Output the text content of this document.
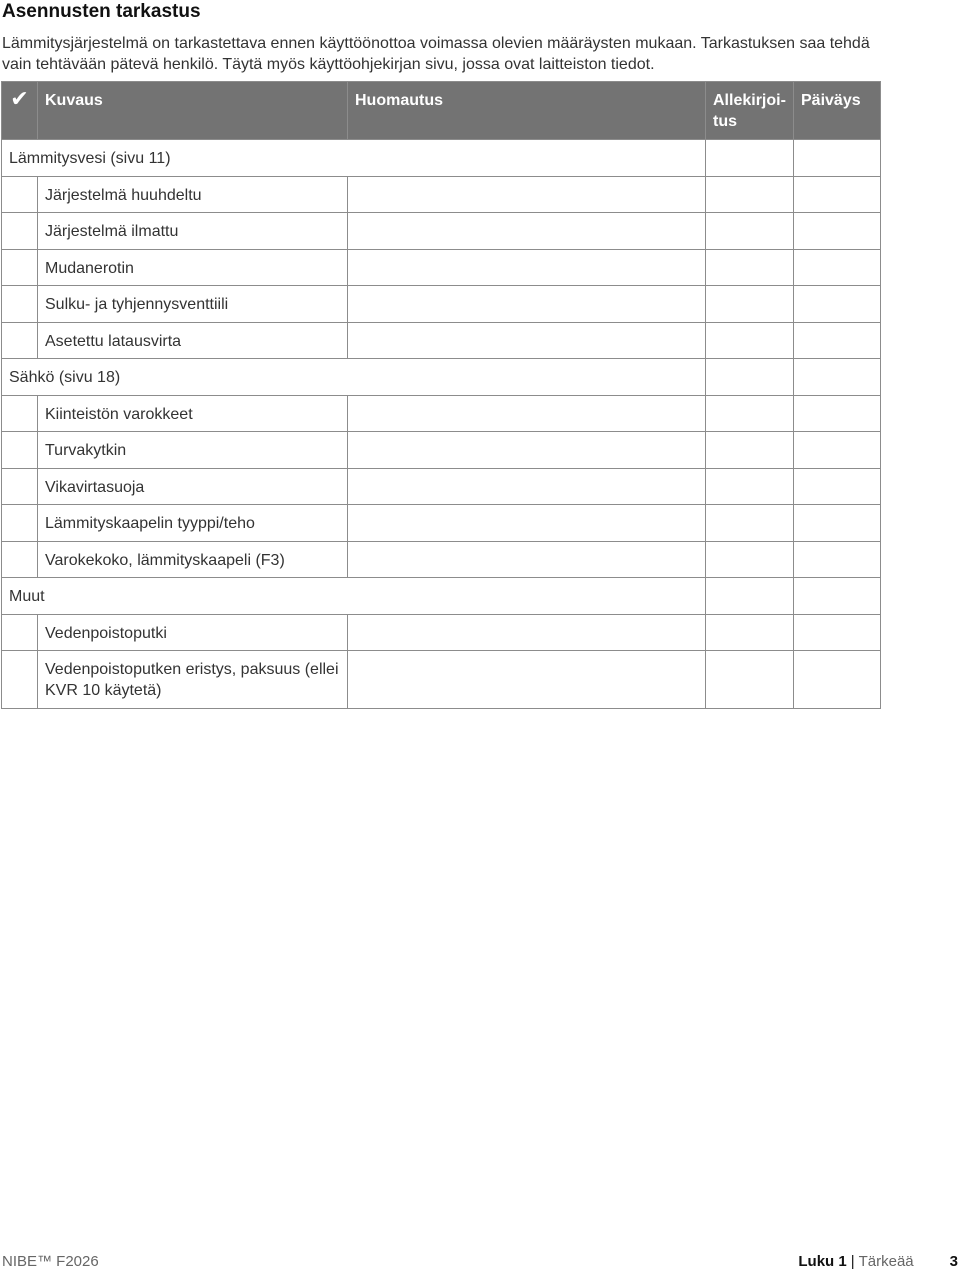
Asennusten tarkastus
Lämmitysjärjestelmä on tarkastettava ennen käyttöönottoa voimassa olevien määräysten mukaan. Tarkastuksen saa tehdä vain tehtävään pätevä henkilö. Täytä myös käyttöohjekirjan sivu, jossa ovat laitteiston tiedot.
✔	Kuvaus	Huomautus	Allekirjoi- tus	Päiväys
Lämmitysvesi (sivu 11)				
	Järjestelmä huuhdeltu			
	Järjestelmä ilmattu			
	Mudanerotin			
	Sulku- ja tyhjennysventtiili			
	Asetettu latausvirta			
Sähkö (sivu 18)				
	Kiinteistön varokkeet			
	Turvakytkin			
	Vikavirtasuoja			
	Lämmityskaapelin tyyppi/teho			
	Varokekoko, lämmityskaapeli (F3)			
Muut				
	Vedenpoistoputki			
	Vedenpoistoputken eristys, paksuus (ellei KVR 10 käytetä)			
NIBE™ F2026	Luku 1 | Tärkeää 3
